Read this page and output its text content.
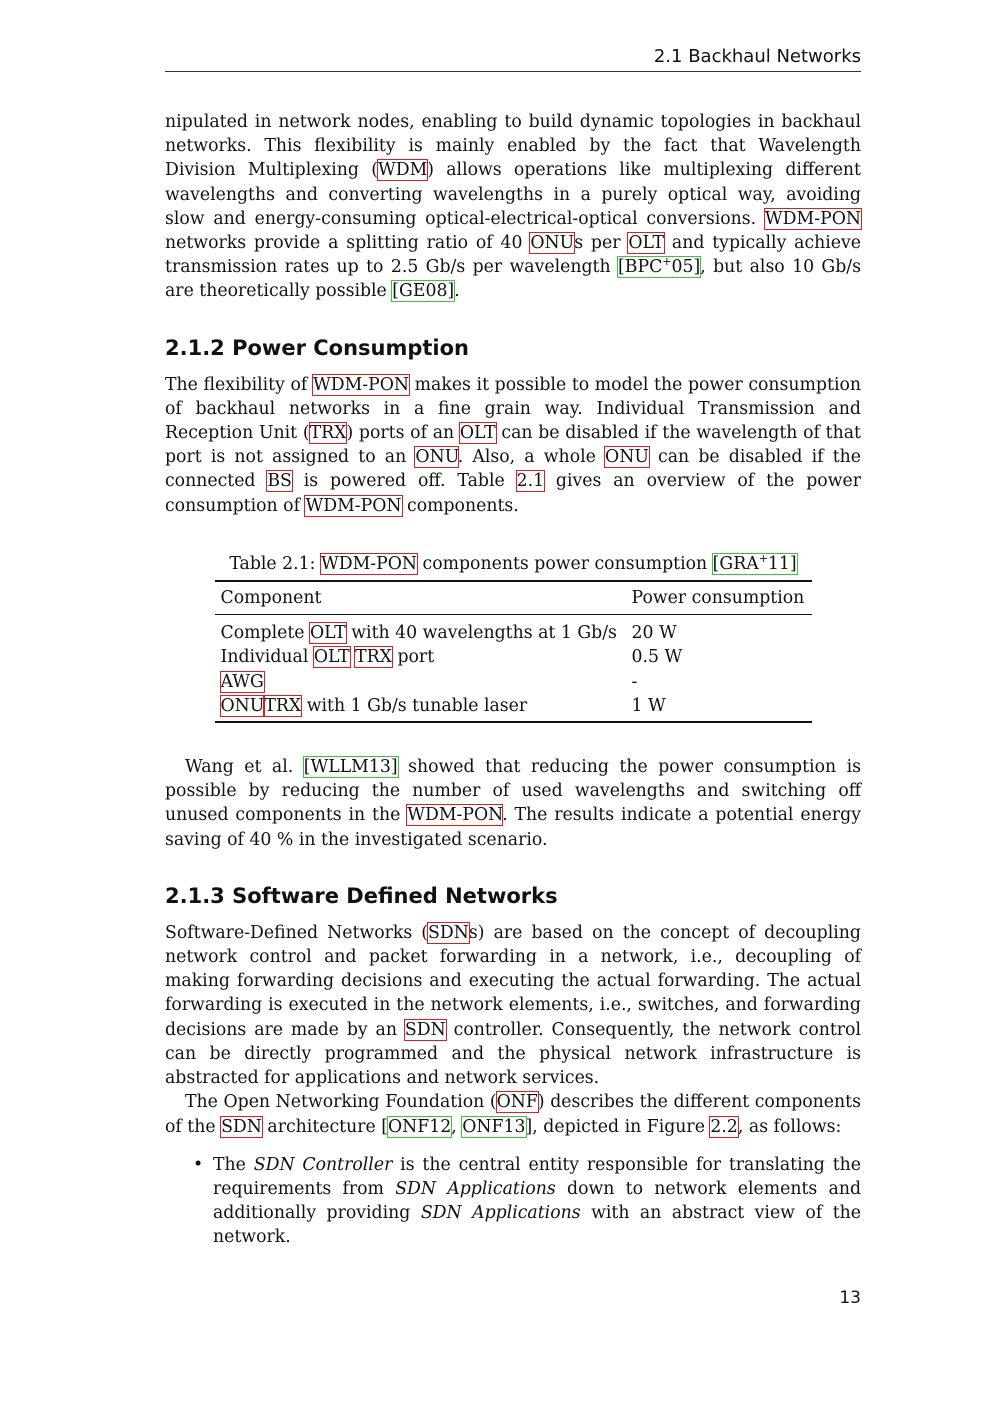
2.1 Backhaul Networks

nipulated in network nodes, enabling to build dynamic topologies in backhaul networks. This flexibility is mainly enabled by the fact that Wavelength Division Multiplexing (WDM) allows operations like multiplexing different wavelengths and converting wavelengths in a purely optical way, avoiding slow and energy-consuming optical-electrical-optical conversions. WDM-PON networks provide a splitting ratio of 40 ONUs per OLT and typically achieve transmission rates up to 2.5 Gb/s per wavelength [BPC+05], but also 10 Gb/s are theoretically possible [GE08].

2.1.2 Power Consumption

The flexibility of WDM-PON makes it possible to model the power consumption of backhaul networks in a fine grain way. Individual Transmission and Reception Unit (TRX) ports of an OLT can be disabled if the wavelength of that port is not assigned to an ONU. Also, a whole ONU can be disabled if the connected BS is powered off. Table 2.1 gives an overview of the power consumption of WDM-PON components.

Table 2.1: WDM-PON components power consumption [GRA+11]
Component	Power consumption
Complete OLT with 40 wavelengths at 1 Gb/s	20 W
Individual OLT TRX port	0.5 W
AWG	-
ONUTRX with 1 Gb/s tunable laser	1 W

Wang et al. [WLLM13] showed that reducing the power consumption is possible by reducing the number of used wavelengths and switching off unused components in the WDM-PON. The results indicate a potential energy saving of 40 % in the investigated scenario.

2.1.3 Software Defined Networks

Software-Defined Networks (SDNs) are based on the concept of decoupling network control and packet forwarding in a network, i.e., decoupling of making forwarding decisions and executing the actual forwarding. The actual forwarding is executed in the network elements, i.e., switches, and forwarding decisions are made by an SDN controller. Consequently, the network control can be directly programmed and the physical network infrastructure is abstracted for applications and network services.

The Open Networking Foundation (ONF) describes the different components of the SDN architecture [ONF12, ONF13], depicted in Figure 2.2, as follows:

• The SDN Controller is the central entity responsible for translating the requirements from SDN Applications down to network elements and additionally providing SDN Applications with an abstract view of the network.
13
